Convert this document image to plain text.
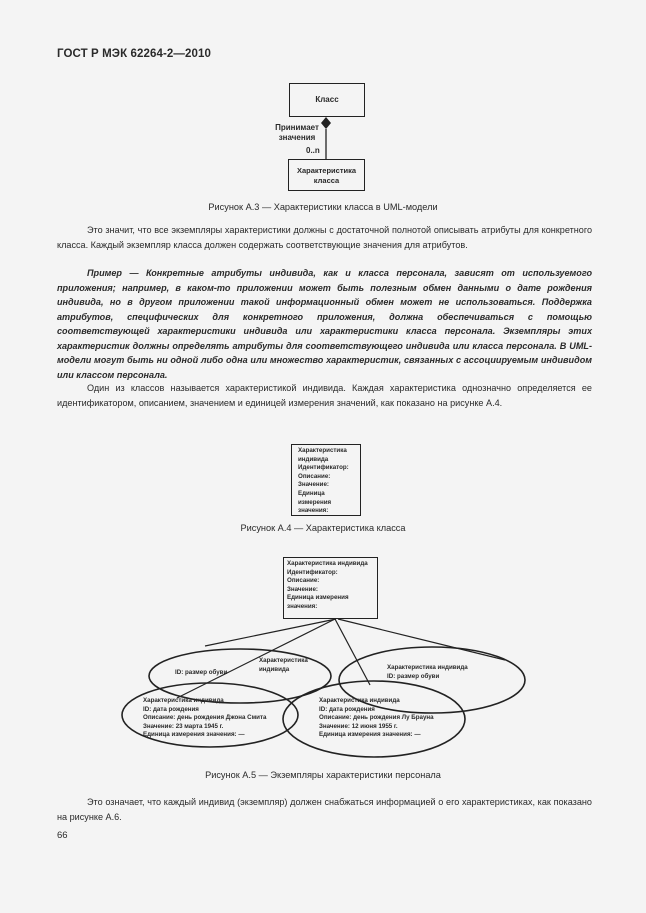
ГОСТ Р МЭК 62264-2—2010
Класс
Принимает
значения
0..n
Характеристика
класса
Рисунок А.3 — Характеристики класса в UML-модели
Это значит, что все экземпляры характеристики должны с достаточной полнотой описывать атрибуты для конкретного класса. Каждый экземпляр класса должен содержать соответствующие значения для атрибутов.
Пример — Конкретные атрибуты индивида, как и класса персонала, зависят от используемого приложения; например, в каком-то приложении может быть полезным обмен данными о дате рождения индивида, но в другом приложении такой информационный обмен может не использоваться. Поддержка атрибутов, специфических для конкретного приложения, должна обеспечиваться с помощью соответствующей характеристики индивида или характеристики класса персонала. Экземпляры этих характеристик должны определять атрибуты для соответствующего индивида или класса персонала. В UML-модели могут быть ни одной либо одна или множество характеристик, связанных с ассоциируемым индивидом или классом персонала.
Один из классов называется характеристикой индивида. Каждая характеристика однозначно определяется ее идентификатором, описанием, значением и единицей измерения значений, как показано на рисунке А.4.
Характеристика
индивида
Идентификатор:
Описание:
Значение:
Единица
измерения
значения:
Рисунок А.4 — Характеристика класса
Характеристика индивида
Идентификатор:
Описание:
Значение:
Единица измерения
значения:
ID: размер обуви
Характеристика
индивида	Характеристика индивида
ID: размер обуви
Характеристика индивида
ID: дата рождения
Описание: день рождения Джона Смита
Значение: 23 марта 1945 г.
Единица измерения значения: —
Характеристика индивида
ID: дата рождения
Описание: день рождения Лу Брауна
Значение: 12 июня 1955 г.
Единица измерения значения: —
Рисунок А.5 — Экземпляры характеристики персонала
Это означает, что каждый индивид (экземпляр) должен снабжаться информацией о его характеристиках, как показано на рисунке А.6.
66
